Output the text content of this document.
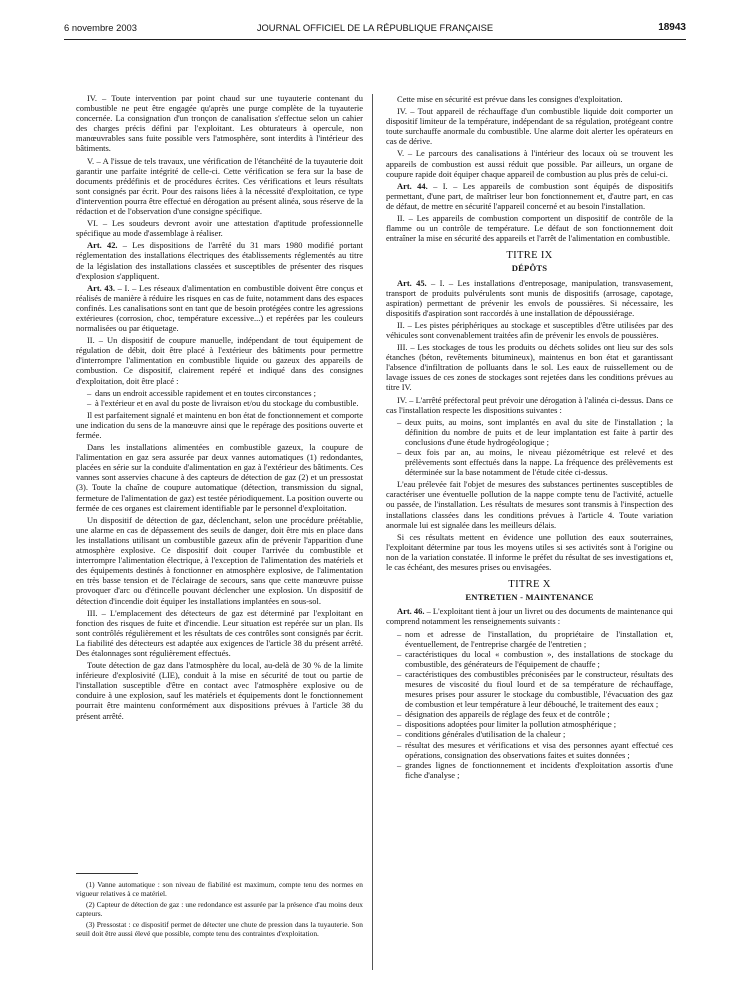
6 novembre 2003	JOURNAL OFFICIEL DE LA RÉPUBLIQUE FRANÇAISE	18943

IV. – Toute intervention par point chaud sur une tuyauterie contenant du combustible ne peut être engagée qu'après une purge complète de la tuyauterie concernée. La consignation d'un tronçon de canalisation s'effectue selon un cahier des charges précis défini par l'exploitant. Les obturateurs à opercule, non manœuvrables sans fuite possible vers l'atmosphère, sont interdits à l'intérieur des bâtiments.

V. – A l'issue de tels travaux, une vérification de l'étanchéité de la tuyauterie doit garantir une parfaite intégrité de celle-ci. Cette vérification se fera sur la base de documents prédéfinis et de procédures écrites. Ces vérifications et leurs résultats sont consignés par écrit. Pour des raisons liées à la nécessité d'exploitation, ce type d'intervention pourra être effectué en dérogation au présent alinéa, sous réserve de la rédaction et de l'observation d'une consigne spécifique.

VI. – Les soudeurs devront avoir une attestation d'aptitude professionnelle spécifique au mode d'assemblage à réaliser.

Art. 42. – Les dispositions de l'arrêté du 31 mars 1980 modifié portant réglementation des installations électriques des établissements réglementés au titre de la législation des installations classées et susceptibles de présenter des risques d'explosion s'appliquent.

Art. 43. – I. – Les réseaux d'alimentation en combustible doivent être conçus et réalisés de manière à réduire les risques en cas de fuite, notamment dans des espaces confinés. Les canalisations sont en tant que de besoin protégées contre les agressions extérieures (corrosion, choc, température excessive...) et repérées par les couleurs normalisées ou par étiquetage.

II. – Un dispositif de coupure manuelle, indépendant de tout équipement de régulation de débit, doit être placé à l'extérieur des bâtiments pour permettre d'interrompre l'alimentation en combustible liquide ou gazeux des appareils de combustion. Ce dispositif, clairement repéré et indiqué dans des consignes d'exploitation, doit être placé :

– dans un endroit accessible rapidement et en toutes circonstances ;
– à l'extérieur et en aval du poste de livraison et/ou du stockage du combustible.

Il est parfaitement signalé et maintenu en bon état de fonctionnement et comporte une indication du sens de la manœuvre ainsi que le repérage des positions ouverte et fermée.

Dans les installations alimentées en combustible gazeux, la coupure de l'alimentation en gaz sera assurée par deux vannes automatiques (1) redondantes, placées en série sur la conduite d'alimentation en gaz à l'extérieur des bâtiments. Ces vannes sont asservies chacune à des capteurs de détection de gaz (2) et un pressostat (3). Toute la chaîne de coupure automatique (détection, transmission du signal, fermeture de l'alimentation de gaz) est testée périodiquement. La position ouverte ou fermée de ces organes est clairement identifiable par le personnel d'exploitation.

Un dispositif de détection de gaz, déclenchant, selon une procédure préétablie, une alarme en cas de dépassement des seuils de danger, doit être mis en place dans les installations utilisant un combustible gazeux afin de prévenir l'apparition d'une atmosphère explosive. Ce dispositif doit couper l'arrivée du combustible et interrompre l'alimentation électrique, à l'exception de l'alimentation des matériels et des équipements destinés à fonctionner en atmosphère explosive, de l'alimentation en très basse tension et de l'éclairage de secours, sans que cette manœuvre puisse provoquer d'arc ou d'étincelle pouvant déclencher une explosion. Un dispositif de détection d'incendie doit équiper les installations implantées en sous-sol.

III. – L'emplacement des détecteurs de gaz est déterminé par l'exploitant en fonction des risques de fuite et d'incendie. Leur situation est repérée sur un plan. Ils sont contrôlés régulièrement et les résultats de ces contrôles sont consignés par écrit. La fiabilité des détecteurs est adaptée aux exigences de l'article 38 du présent arrêté. Des étalonnages sont régulièrement effectués.

Toute détection de gaz dans l'atmosphère du local, au-delà de 30 % de la limite inférieure d'explosivité (LIE), conduit à la mise en sécurité de tout ou partie de l'installation susceptible d'être en contact avec l'atmosphère explosive ou de conduire à une explosion, sauf les matériels et équipements dont le fonctionnement pourrait être maintenu conformément aux dispositions prévues à l'article 38 du présent arrêté.

(1) Vanne automatique : son niveau de fiabilité est maximum, compte tenu des normes en vigueur relatives à ce matériel.

(2) Capteur de détection de gaz : une redondance est assurée par la présence d'au moins deux capteurs.

(3) Pressostat : ce dispositif permet de détecter une chute de pression dans la tuyauterie. Son seuil doit être aussi élevé que possible, compte tenu des contraintes d'exploitation.

Cette mise en sécurité est prévue dans les consignes d'exploitation.

IV. – Tout appareil de réchauffage d'un combustible liquide doit comporter un dispositif limiteur de la température, indépendant de sa régulation, protégeant contre toute surchauffe anormale du combustible. Une alarme doit alerter les opérateurs en cas de dérive.

V. – Le parcours des canalisations à l'intérieur des locaux où se trouvent les appareils de combustion est aussi réduit que possible. Par ailleurs, un organe de coupure rapide doit équiper chaque appareil de combustion au plus près de celui-ci.

Art. 44. – I. – Les appareils de combustion sont équipés de dispositifs permettant, d'une part, de maîtriser leur bon fonctionnement et, d'autre part, en cas de défaut, de mettre en sécurité l'appareil concerné et au besoin l'installation.

II. – Les appareils de combustion comportent un dispositif de contrôle de la flamme ou un contrôle de température. Le défaut de son fonctionnement doit entraîner la mise en sécurité des appareils et l'arrêt de l'alimentation en combustible.

TITRE IX
DÉPÔTS

Art. 45. – I. – Les installations d'entreposage, manipulation, transvasement, transport de produits pulvérulents sont munis de dispositifs (arrosage, capotage, aspiration) permettant de prévenir les envols de poussières. Si nécessaire, les dispositifs d'aspiration sont raccordés à une installation de dépoussiérage.

II. – Les pistes périphériques au stockage et susceptibles d'être utilisées par des véhicules sont convenablement traitées afin de prévenir les envols de poussières.

III. – Les stockages de tous les produits ou déchets solides ont lieu sur des sols étanches (béton, revêtements bitumineux), maintenus en bon état et garantissant l'absence d'infiltration de polluants dans le sol. Les eaux de ruissellement ou de lavage issues de ces zones de stockages sont rejetées dans les conditions prévues au titre IV.

IV. – L'arrêté préfectoral peut prévoir une dérogation à l'alinéa ci-dessus. Dans ce cas l'installation respecte les dispositions suivantes :

– deux puits, au moins, sont implantés en aval du site de l'installation ; la définition du nombre de puits et de leur implantation est faite à partir des conclusions d'une étude hydrogéologique ;
– deux fois par an, au moins, le niveau piézométrique est relevé et des prélèvements sont effectués dans la nappe. La fréquence des prélèvements est déterminée sur la base notamment de l'étude citée ci-dessus.

L'eau prélevée fait l'objet de mesures des substances pertinentes susceptibles de caractériser une éventuelle pollution de la nappe compte tenu de l'activité, actuelle ou passée, de l'installation. Les résultats de mesures sont transmis à l'inspection des installations classées dans les conditions prévues à l'article 4. Toute variation anormale lui est signalée dans les meilleurs délais.

Si ces résultats mettent en évidence une pollution des eaux souterraines, l'exploitant détermine par tous les moyens utiles si ses activités sont à l'origine ou non de la variation constatée. Il informe le préfet du résultat de ses investigations et, le cas échéant, des mesures prises ou envisagées.

TITRE X
ENTRETIEN - MAINTENANCE

Art. 46. – L'exploitant tient à jour un livret ou des documents de maintenance qui comprend notamment les renseignements suivants :

– nom et adresse de l'installation, du propriétaire de l'installation et, éventuellement, de l'entreprise chargée de l'entretien ;
– caractéristiques du local « combustion », des installations de stockage du combustible, des générateurs de l'équipement de chauffe ;
– caractéristiques des combustibles préconisées par le constructeur, résultats des mesures de viscosité du fioul lourd et de sa température de réchauffage, mesures prises pour assurer le stockage du combustible, l'évacuation des gaz de combustion et leur température à leur débouché, le traitement des eaux ;
– désignation des appareils de réglage des feux et de contrôle ;
– dispositions adoptées pour limiter la pollution atmosphérique ;
– conditions générales d'utilisation de la chaleur ;
– résultat des mesures et vérifications et visa des personnes ayant effectué ces opérations, consignation des observations faites et suites données ;
– grandes lignes de fonctionnement et incidents d'exploitation assortis d'une fiche d'analyse ;
